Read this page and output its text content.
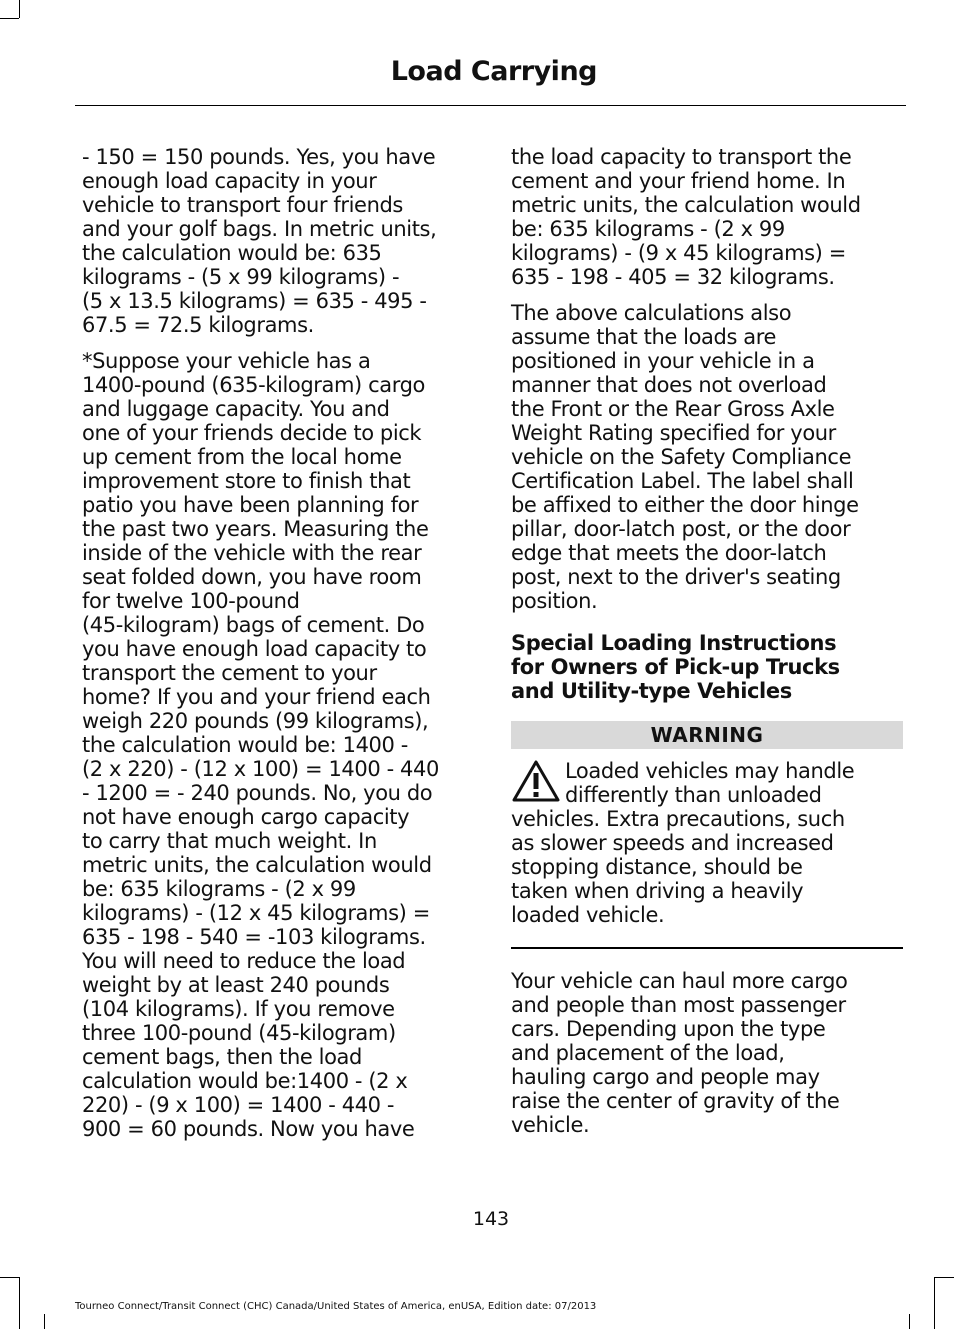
Load Carrying

- 150 = 150 pounds. Yes, you have
enough load capacity in your
vehicle to transport four friends
and your golf bags. In metric units,
the calculation would be: 635
kilograms - (5 x 99 kilograms) -
(5 x 13.5 kilograms) = 635 - 495 -
67.5 = 72.5 kilograms.

*Suppose your vehicle has a
1400-pound (635-kilogram) cargo
and luggage capacity. You and
one of your friends decide to pick
up cement from the local home
improvement store to finish that
patio you have been planning for
the past two years. Measuring the
inside of the vehicle with the rear
seat folded down, you have room
for twelve 100-pound
(45-kilogram) bags of cement. Do
you have enough load capacity to
transport the cement to your
home? If you and your friend each
weigh 220 pounds (99 kilograms),
the calculation would be: 1400 -
(2 x 220) - (12 x 100) = 1400 - 440
- 1200 = - 240 pounds. No, you do
not have enough cargo capacity
to carry that much weight. In
metric units, the calculation would
be: 635 kilograms - (2 x 99
kilograms) - (12 x 45 kilograms) =
635 - 198 - 540 = -103 kilograms.
You will need to reduce the load
weight by at least 240 pounds
(104 kilograms). If you remove
three 100-pound (45-kilogram)
cement bags, then the load
calculation would be:1400 - (2 x
220) - (9 x 100) = 1400 - 440 -
900 = 60 pounds. Now you have

the load capacity to transport the
cement and your friend home. In
metric units, the calculation would
be: 635 kilograms - (2 x 99
kilograms) - (9 x 45 kilograms) =
635 - 198 - 405 = 32 kilograms.

The above calculations also
assume that the loads are
positioned in your vehicle in a
manner that does not overload
the Front or the Rear Gross Axle
Weight Rating specified for your
vehicle on the Safety Compliance
Certification Label. The label shall
be affixed to either the door hinge
pillar, door-latch post, or the door
edge that meets the door-latch
post, next to the driver's seating
position.

Special Loading Instructions
for Owners of Pick-up Trucks
and Utility-type Vehicles
WARNING

Loaded vehicles may handle
differently than unloaded
vehicles. Extra precautions, such
as slower speeds and increased
stopping distance, should be
taken when driving a heavily
loaded vehicle.

Your vehicle can haul more cargo
and people than most passenger
cars. Depending upon the type
and placement of the load,
hauling cargo and people may
raise the center of gravity of the
vehicle.

143
Tourneo Connect/Transit Connect (CHC) Canada/United States of America, enUSA, Edition date: 07/2013
